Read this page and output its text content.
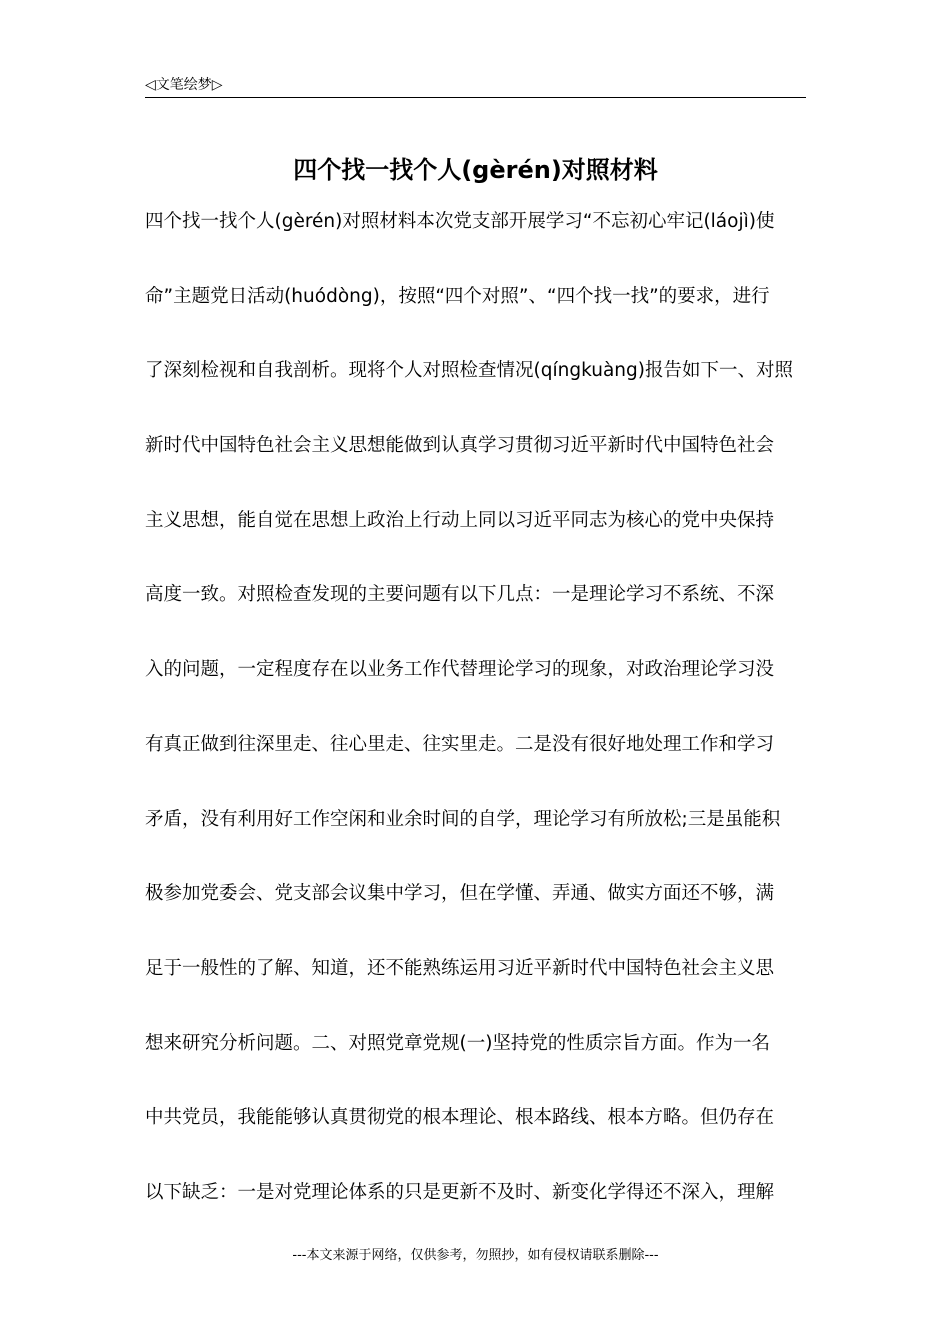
◁文笔绘梦▷
四个找一找个人(gèrén)对照材料
四个找一找个人(gèrén)对照材料本次党支部开展学习“不忘初心牢记(láojì)使
命”主题党日活动(huódòng)，按照“四个对照”、“四个找一找”的要求，进行
了深刻检视和自我剖析。现将个人对照检查情况(qíngkuàng)报告如下一、对照
新时代中国特色社会主义思想能做到认真学习贯彻习近平新时代中国特色社会
主义思想，能自觉在思想上政治上行动上同以习近平同志为核心的党中央保持
高度一致。对照检查发现的主要问题有以下几点：一是理论学习不系统、不深
入的问题，一定程度存在以业务工作代替理论学习的现象，对政治理论学习没
有真正做到往深里走、往心里走、往实里走。二是没有很好地处理工作和学习
矛盾，没有利用好工作空闲和业余时间的自学，理论学习有所放松;三是虽能积
极参加党委会、党支部会议集中学习，但在学懂、弄通、做实方面还不够，满
足于一般性的了解、知道，还不能熟练运用习近平新时代中国特色社会主义思
想来研究分析问题。二、对照党章党规(一)坚持党的性质宗旨方面。作为一名
中共党员，我能能够认真贯彻党的根本理论、根本路线、根本方略。但仍存在
以下缺乏：一是对党理论体系的只是更新不及时、新变化学得还不深入，理解
---本文来源于网络，仅供参考，勿照抄，如有侵权请联系删除---
